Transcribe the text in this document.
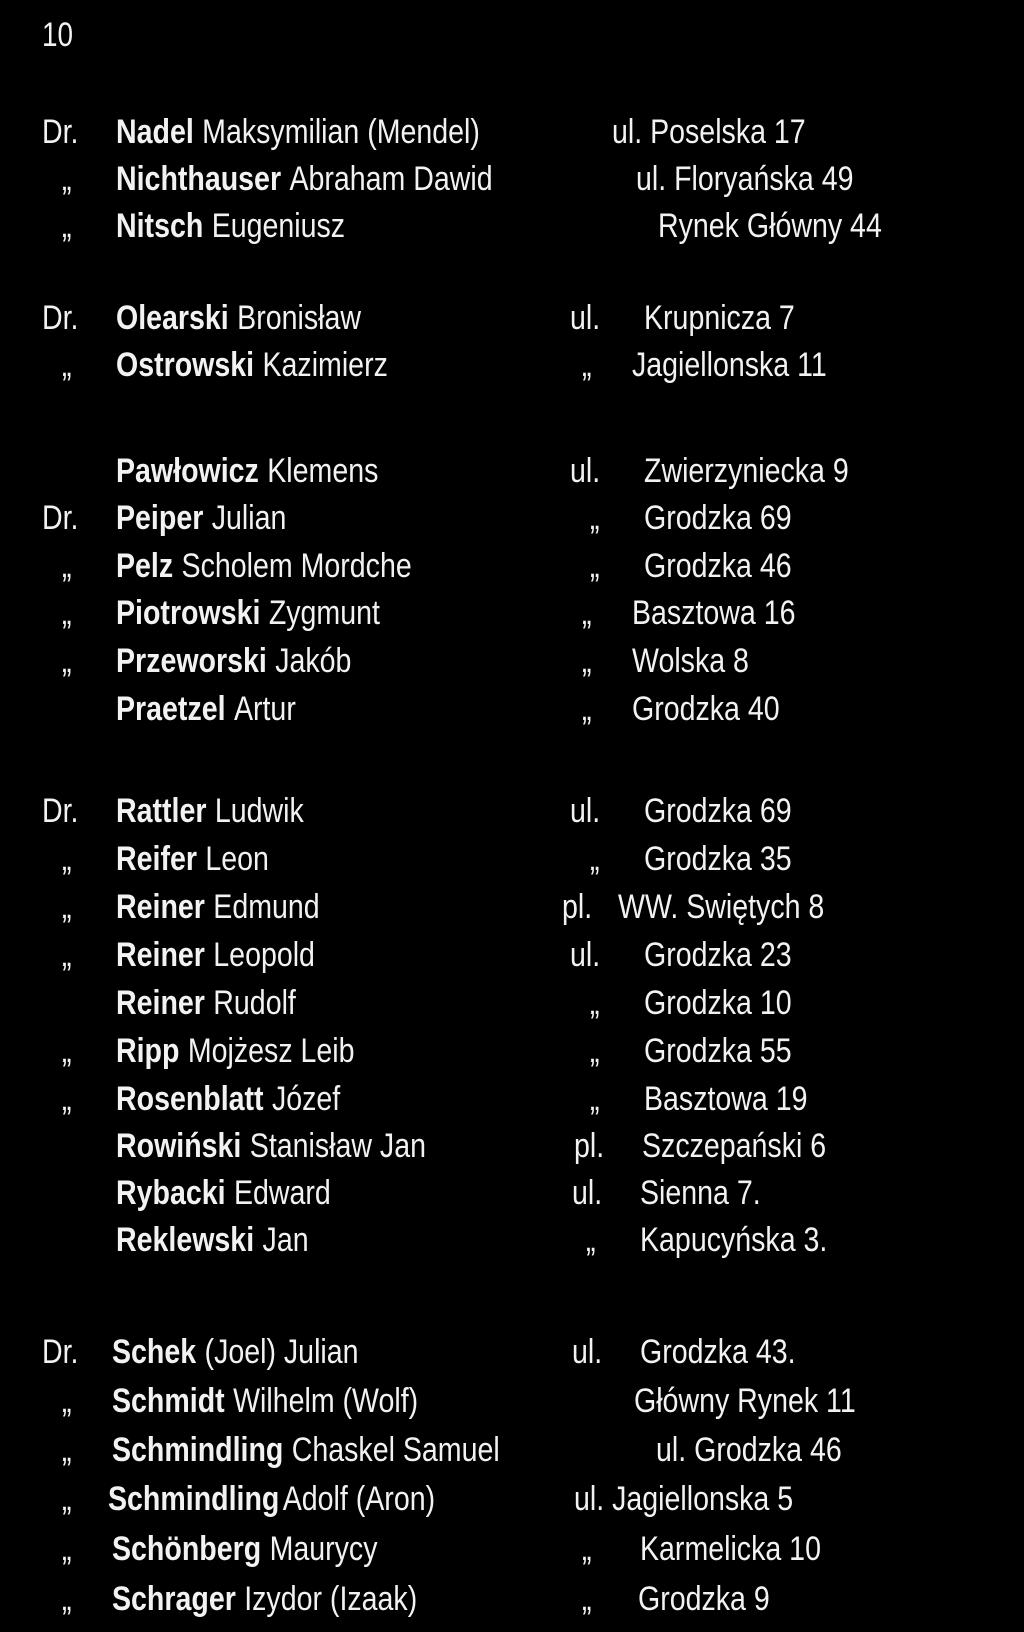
10
Dr. Nadel Maksymilian (Mendel)	ul. Poselska 17
„ Nichthauser Abraham Dawid	ul. Floryańska 49
„ Nitsch Eugeniusz	Rynek Główny 44
Dr. Olearski Bronisław	ul. Krupnicza 7
„ Ostrowski Kazimierz	„ Jagiellonska 11
Pawłowicz Klemens	ul. Zwierzyniecka 9
Dr. Peiper Julian	„ Grodzka 69
„ Pelz Scholem Mordche	„ Grodzka 46
„ Piotrowski Zygmunt	„ Basztowa 16
„ Przeworski Jakób	„ Wolska 8
Praetzel Artur	„ Grodzka 40
Dr. Rattler Ludwik	ul. Grodzka 69
„ Reifer Leon	„ Grodzka 35
„ Reiner Edmund	pl. WW. Swiętych 8
„ Reiner Leopold	ul. Grodzka 23
Reiner Rudolf	„ Grodzka 10
„ Ripp Mojżesz Leib	„ Grodzka 55
„ Rosenblatt Józef	„ Basztowa 19
Rowiński Stanisław Jan	pl. Szczepański 6
Rybacki Edward	ul. Sienna 7.
Reklewski Jan	„ Kapucyńska 3.
Dr. Schek (Joel) Julian	ul. Grodzka 43.
„ Schmidt Wilhelm (Wolf)	Główny Rynek 11
„ Schmindling Chaskel Samuel	ul. Grodzka 46
„ SchmindlingAdolf (Aron)	ul. Jagiellonska 5
„ Schönberg Maurycy	„ Karmelicka 10
„ Schrager Izydor (Izaak)	„ Grodzka 9
